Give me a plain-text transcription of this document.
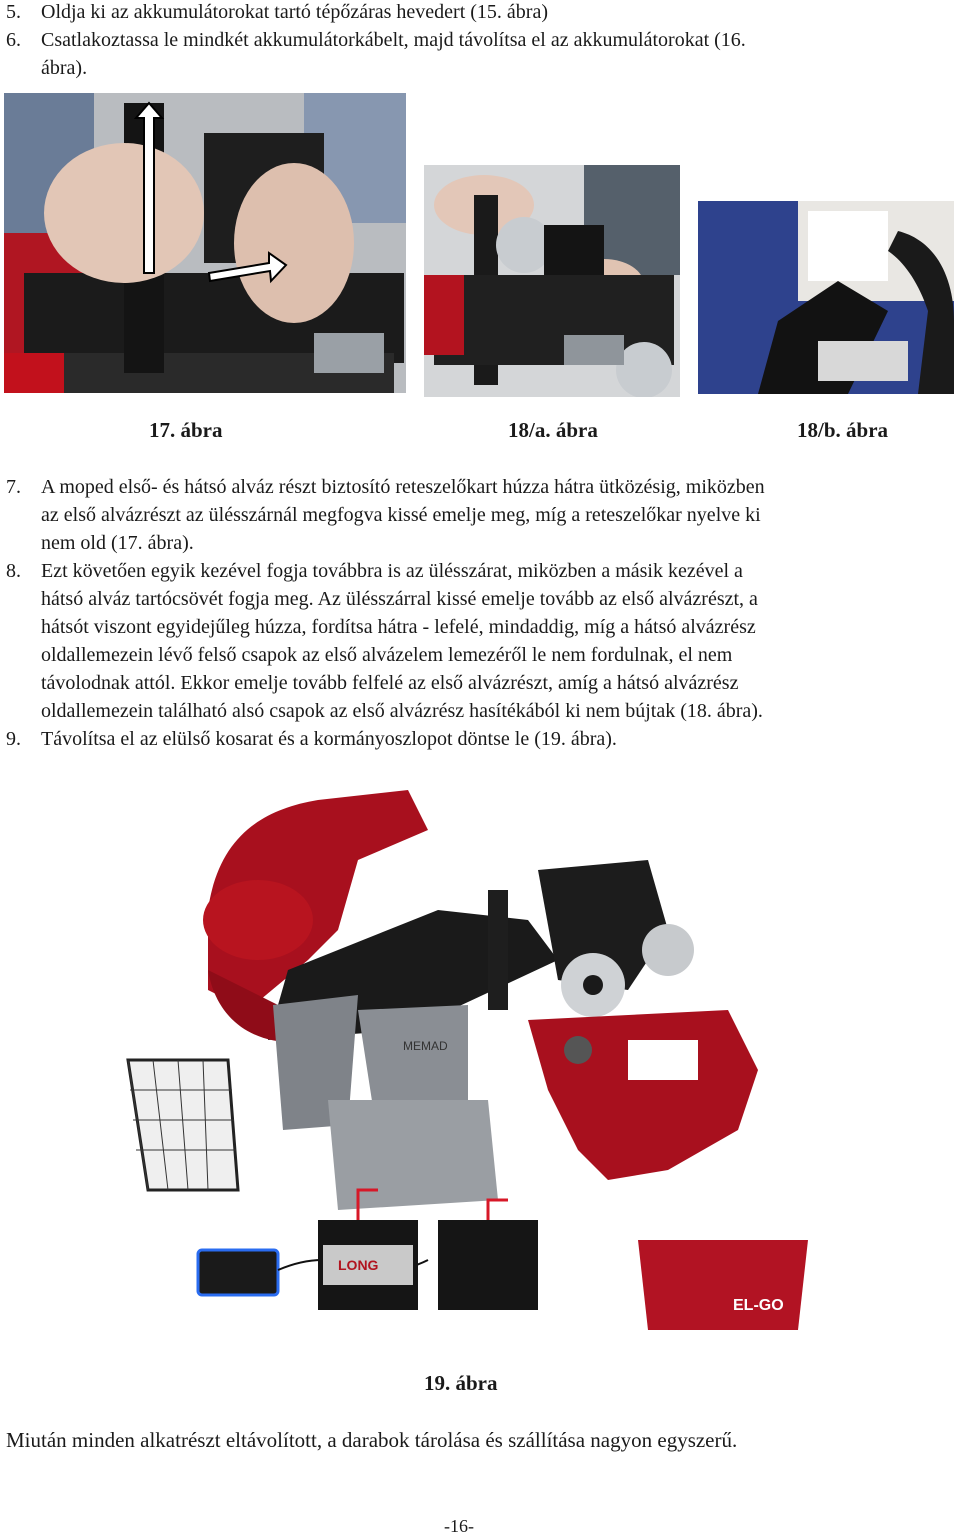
5. Oldja ki az akkumulátorokat tartó tépőzáras hevedert (15. ábra)
6. Csatlakoztassa le mindkét akkumulátorkábelt, majd távolítsa el az akkumulátorokat (16.
ábra).
17. ábra	18/a. ábra	18/b. ábra
7. A moped első- és hátsó alváz részt biztosító reteszelőkart húzza hátra ütközésig, miközben
az első alvázrészt az ülésszárnál megfogva kissé emelje meg, míg a reteszelőkar nyelve ki
nem old (17. ábra).
8. Ezt követően egyik kezével fogja továbbra is az ülésszárat, miközben a másik kezével a
hátsó alváz tartócsövét fogja meg. Az ülésszárral kissé emelje tovább az első alvázrészt, a
hátsót viszont egyidejűleg húzza, fordítsa hátra - lefelé, mindaddig, míg a hátsó alvázrész
oldallemezein lévő felső csapok az első alvázelem lemezéről le nem fordulnak, el nem
távolodnak attól. Ekkor emelje tovább felfelé az első alvázrészt, amíg a hátsó alvázrész
oldallemezein található alsó csapok az első alvázrész hasítékából ki nem bújtak (18. ábra).
9. Távolítsa el az elülső kosarat és a kormányoszlopot döntse le (19. ábra).
MEMAD
LONG
EL-GO
19. ábra
Miután minden alkatrészt eltávolított, a darabok tárolása és szállítása nagyon egyszerű.
-16-
